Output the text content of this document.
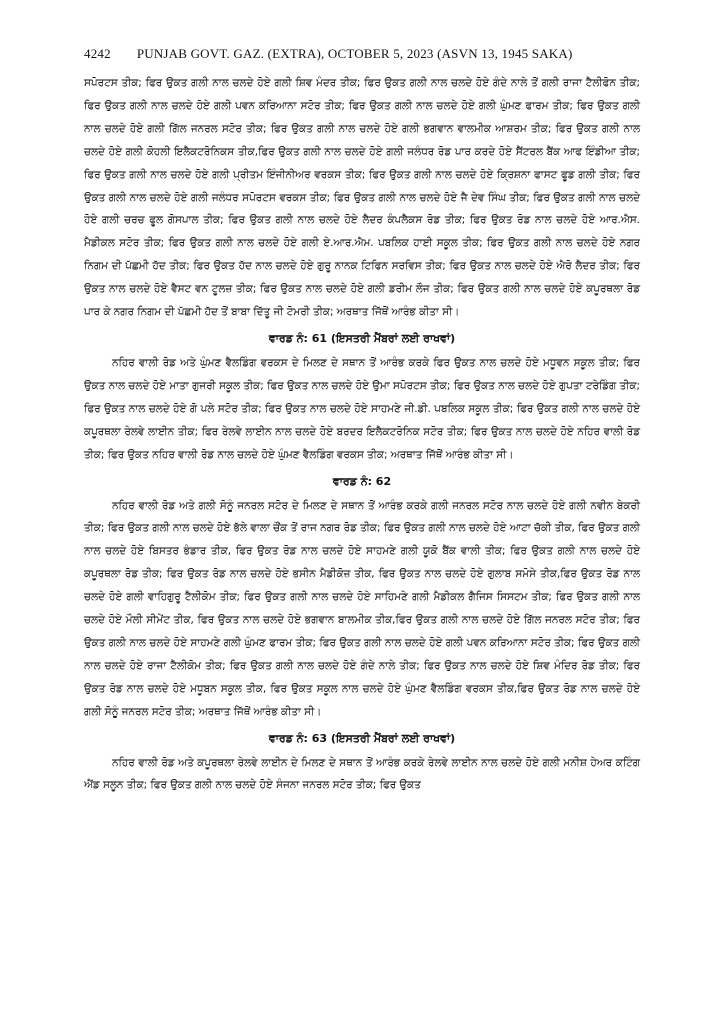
4242 PUNJAB GOVT. GAZ. (EXTRA), OCTOBER 5, 2023 (ASVN 13, 1945 SAKA)

ਸਪੋਰਟਸ ਤੀਕ; ਫਿਰ ਉਕਤ ਗਲੀ ਨਾਲ ਚਲਦੇ ਹੋਏ ਗਲੀ ਸ਼ਿਵ ਮੰਦਰ ਤੀਕ; ਫਿਰ ਉਕਤ ਗਲੀ ਨਾਲ ਚਲਦੇ ਹੋਏ ਗੰਦੇ ਨਾਲੇ ਤੋਂ ਗਲੀ ਰਾਜਾ ਟੈਲੀਫੋਨ ਤੀਕ; ਫਿਰ ਉਕਤ ਗਲੀ ਨਾਲ ਚਲਦੇ ਹੋਏ ਗਲੀ ਪਵਨ ਕਰਿਆਨਾ ਸਟੋਰ ਤੀਕ; ਫਿਰ ਉਕਤ ਗਲੀ ਨਾਲ ਚਲਦੇ ਹੋਏ ਗਲੀ ਘੁੰਮਣ ਫਾਰਮ ਤੀਕ; ਫਿਰ ਉਕਤ ਗਲੀ ਨਾਲ ਚਲਦੇ ਹੋਏ ਗਲੀ ਗਿੱਲ ਜਨਰਲ ਸਟੋਰ ਤੀਕ; ਫਿਰ ਉਕਤ ਗਲੀ ਨਾਲ ਚਲਦੇ ਹੋਏ ਗਲੀ ਭਗਵਾਨ ਵਾਲਮੀਕ ਆਸ਼ਰਮ ਤੀਕ; ਫਿਰ ਉਕਤ ਗਲੀ ਨਾਲ ਚਲਦੇ ਹੋਏ ਗਲੀ ਕੋਹਲੀ ਇਲੈਕਟਰੋਨਿਕਸ ਤੀਕ,ਫਿਰ ਉਕਤ ਗਲੀ ਨਾਲ ਚਲਦੇ ਹੋਏ ਗਲੀ ਜਲੰਧਰ ਰੋਡ ਪਾਰ ਕਰਦੇ ਹੋਏ ਸੈਂਟਰਲ ਬੈਂਕ ਆਫ ਇੰਡੀਆ ਤੀਕ; ਫਿਰ ਉਕਤ ਗਲੀ ਨਾਲ ਚਲਦੇ ਹੋਏ ਗਲੀ ਪ੍ਰੀਤਮ ਇੰਜੀਨੀਅਰ ਵਰਕਸ ਤੀਕ; ਫਿਰ ਉਕਤ ਗਲੀ ਨਾਲ ਚਲਦੇ ਹੋਏ ਕ੍ਰਿਸ਼ਨਾ ਫਾਸਟ ਫੂਡ ਗਲੀ ਤੀਕ; ਫਿਰ ਉਕਤ ਗਲੀ ਨਾਲ ਚਲਦੇ ਹੋਏ ਗਲੀ ਜਲੰਧਰ ਸਪੋਰਟਸ ਵਰਕਸ ਤੀਕ; ਫਿਰ ਉਕਤ ਗਲੀ ਨਾਲ ਚਲਦੇ ਹੋਏ ਜੈ ਦੇਵ ਸਿੰਘ ਤੀਕ; ਫਿਰ ਉਕਤ ਗਲੀ ਨਾਲ ਚਲਦੇ ਹੋਏ ਗਲੀ ਚਰਚ ਫੂਲ ਗੋਸਪਾਲ ਤੀਕ; ਫਿਰ ਉਕਤ ਗਲੀ ਨਾਲ ਚਲਦੇ ਹੋਏ ਲੈਦਰ ਕੰਪਲੈਕਸ ਰੋਡ ਤੀਕ; ਫਿਰ ਉਕਤ ਰੋਡ ਨਾਲ ਚਲਦੇ ਹੋਏ ਆਰ.ਐਸ. ਮੈਡੀਕਲ ਸਟੋਰ ਤੀਕ; ਫਿਰ ਉਕਤ ਗਲੀ ਨਾਲ ਚਲਦੇ ਹੋਏ ਗਲੀ ਏ.ਆਰ.ਐਮ. ਪਬਲਿਕ ਹਾਈ ਸਕੂਲ ਤੀਕ; ਫਿਰ ਉਕਤ ਗਲੀ ਨਾਲ ਚਲਦੇ ਹੋਏ ਨਗਰ ਨਿਗਮ ਦੀ ਪੱਛਮੀ ਹੱਦ ਤੀਕ; ਫਿਰ ਉਕਤ ਹੱਦ ਨਾਲ ਚਲਦੇ ਹੋਏ ਗੁਰੂ ਨਾਨਕ ਟਿਫਿਨ ਸਰਵਿਸ ਤੀਕ; ਫਿਰ ਉਕਤ ਨਾਲ ਚਲਦੇ ਹੋਏ ਐਰੋ ਲੈਦਰ ਤੀਕ; ਫਿਰ ਉਕਤ ਨਾਲ ਚਲਦੇ ਹੋਏ ਵੈਸਟ ਵਨ ਟੂਲਜ਼ ਤੀਕ; ਫਿਰ ਉਕਤ ਨਾਲ ਚਲਦੇ ਹੋਏ ਗਲੀ ਡਰੀਮ ਲੌਜ ਤੀਕ; ਫਿਰ ਉਕਤ ਗਲੀ ਨਾਲ ਚਲਦੇ ਹੋਏ ਕਪੂਰਥਲਾ ਰੋਡ ਪਾਰ ਕੇ ਨਗਰ ਨਿਗਮ ਦੀ ਪੱਛਮੀ ਹੱਦ ਤੋਂ ਬਾਬਾ ਦਿੱਤੂ ਜੀ ਟੋਮਰੀ ਤੀਕ; ਅਰਥਾਤ ਜਿੱਥੋਂ ਆਰੰਭ ਕੀਤਾ ਸੀ।

ਵਾਰਡ ਨੰ: 61 (ਇਸਤਰੀ ਮੈਂਬਰਾਂ ਲਈ ਰਾਖਵਾਂ)

ਨਹਿਰ ਵਾਲੀ ਰੋਡ ਅਤੇ ਘੁੰਮਣ ਵੈਲਡਿੰਗ ਵਰਕਸ ਦੇ ਮਿਲਣ ਦੇ ਸਥਾਨ ਤੋਂ ਆਰੰਭ ਕਰਕੇ ਫਿਰ ਉਕਤ ਨਾਲ ਚਲਦੇ ਹੋਏ ਮਧੂਵਨ ਸਕੂਲ ਤੀਕ; ਫਿਰ ਉਕਤ ਨਾਲ ਚਲਦੇ ਹੋਏ ਮਾਤਾ ਗੁਜਰੀ ਸਕੂਲ ਤੀਕ; ਫਿਰ ਉਕਤ ਨਾਲ ਚਲਦੇ ਹੋਏ ਉਮਾ ਸਪੋਰਟਸ ਤੀਕ; ਫਿਰ ਉਕਤ ਨਾਲ ਚਲਦੇ ਹੋਏ ਗੁਪਤਾ ਟਰੇਡਿੰਗ ਤੀਕ; ਫਿਰ ਉਕਤ ਨਾਲ ਚਲਦੇ ਹੋਏ ਗੋ ਪਲੇ ਸਟੋਰ ਤੀਕ; ਫਿਰ ਉਕਤ ਨਾਲ ਚਲਦੇ ਹੋਏ ਸਾਹਮਣੇ ਜੀ.ਡੀ. ਪਬਲਿਕ ਸਕੂਲ ਤੀਕ; ਫਿਰ ਉਕਤ ਗਲੀ ਨਾਲ ਚਲਦੇ ਹੋਏ ਕਪੂਰਥਲਾ ਰੇਲਵੇ ਲਾਈਨ ਤੀਕ; ਫਿਰ ਰੇਲਵੇ ਲਾਈਨ ਨਾਲ ਚਲਦੇ ਹੋਏ ਬਰਦਰ ਇਲੈਕਟਰੋਨਿਕ ਸਟੋਰ ਤੀਕ; ਫਿਰ ਉਕਤ ਨਾਲ ਚਲਦੇ ਹੋਏ ਨਹਿਰ ਵਾਲੀ ਰੋਡ ਤੀਕ; ਫਿਰ ਉਕਤ ਨਹਿਰ ਵਾਲੀ ਰੋਡ ਨਾਲ ਚਲਦੇ ਹੋਏ ਘੁੰਮਣ ਵੈਲਡਿੰਗ ਵਰਕਸ ਤੀਕ; ਅਰਥਾਤ ਜਿੱਥੋਂ ਆਰੰਭ ਕੀਤਾ ਸੀ।

ਵਾਰਡ ਨੰ: 62

ਨਹਿਰ ਵਾਲੀ ਰੋਡ ਅਤੇ ਗਲੀ ਸੋਨੂੰ ਜਨਰਲ ਸਟੋਰ ਦੇ ਮਿਲਣ ਦੇ ਸਥਾਨ ਤੋਂ ਆਰੰਭ ਕਰਕੇ ਗਲੀ ਜਨਰਲ ਸਟੋਰ ਨਾਲ ਚਲਦੇ ਹੋਏ ਗਲੀ ਨਵੀਨ ਬੇਕਰੀ ਤੀਕ; ਫਿਰ ਉਕਤ ਗਲੀ ਨਾਲ ਚਲਦੇ ਹੋਏ ਭੱਲੇ ਵਾਲਾ ਚੌਂਕ ਤੋਂ ਰਾਜ ਨਗਰ ਰੋਡ ਤੀਕ; ਫਿਰ ਉਕਤ ਗਲੀ ਨਾਲ ਚਲਦੇ ਹੋਏ ਆਟਾ ਚੱਕੀ ਤੀਕ, ਫਿਰ ਉਕਤ ਗਲੀ ਨਾਲ ਚਲਦੇ ਹੋਏ ਬਿਸਤਰ ਭੰਡਾਰ ਤੀਕ, ਫਿਰ ਉਕਤ ਰੋਡ ਨਾਲ ਚਲਦੇ ਹੋਏ ਸਾਹਮਣੇ ਗਲੀ ਯੂਕੋ ਬੈਂਕ ਵਾਲੀ ਤੀਕ; ਫਿਰ ਉਕਤ ਗਲੀ ਨਾਲ ਚਲਦੇ ਹੋਏ ਕਪੂਰਥਲਾ ਰੋਡ ਤੀਕ; ਫਿਰ ਉਕਤ ਰੋਡ ਨਾਲ ਚਲਦੇ ਹੋਏ ਭਸੀਨ ਮੈਡੀਕੋਜ਼ ਤੀਕ, ਫਿਰ ਉਕਤ ਨਾਲ ਚਲਦੇ ਹੋਏ ਗੁਲਾਬ ਸਮੋਸੇ ਤੀਕ,ਫਿਰ ਉਕਤ ਰੋਡ ਨਾਲ ਚਲਦੇ ਹੋਏ ਗਲੀ ਵਾਹਿਗੁਰੂ ਟੈਲੀਕੋਮ ਤੀਕ; ਫਿਰ ਉਕਤ ਗਲੀ ਨਾਲ ਚਲਦੇ ਹੋਏ ਸਾਹਿਮਣੇ ਗਲੀ ਮੈਡੀਕਲ ਗੈਜਿਸ ਸਿਸਟਮ ਤੀਕ; ਫਿਰ ਉਕਤ ਗਲੀ ਨਾਲ ਚਲਦੇ ਹੋਏ ਮੌਲੀ ਸੀਮੇਂਟ ਤੀਕ, ਫਿਰ ਉਕਤ ਨਾਲ ਚਲਦੇ ਹੋਏ ਭਗਵਾਨ ਬਾਲਮੀਕ ਤੀਕ,ਫਿਰ ਉਕਤ ਗਲੀ ਨਾਲ ਚਲਦੇ ਹੋਏ ਗਿੱਲ ਜਨਰਲ ਸਟੋਰ ਤੀਕ; ਫਿਰ ਉਕਤ ਗਲੀ ਨਾਲ ਚਲਦੇ ਹੋਏ ਸਾਹਮਣੇ ਗਲੀ ਘੁੰਮਣ ਫਾਰਮ ਤੀਕ; ਫਿਰ ਉਕਤ ਗਲੀ ਨਾਲ ਚਲਦੇ ਹੋਏ ਗਲੀ ਪਵਨ ਕਰਿਆਨਾ ਸਟੋਰ ਤੀਕ; ਫਿਰ ਉਕਤ ਗਲੀ ਨਾਲ ਚਲਦੇ ਹੋਏ ਰਾਜਾ ਟੈਲੀਕੋਮ ਤੀਕ; ਫਿਰ ਉਕਤ ਗਲੀ ਨਾਲ ਚਲਦੇ ਹੋਏ ਗੰਦੇ ਨਾਲੇ ਤੀਕ; ਫਿਰ ਉਕਤ ਨਾਲ ਚਲਦੇ ਹੋਏ ਸ਼ਿਵ ਮੰਦਿਰ ਰੋਡ ਤੀਕ; ਫਿਰ ਉਕਤ ਰੋਡ ਨਾਲ ਚਲਦੇ ਹੋਏ ਮਧੂਬਨ ਸਕੂਲ ਤੀਕ, ਫਿਰ ਉਕਤ ਸਕੂਲ ਨਾਲ ਚਲਦੇ ਹੋਏ ਘੁੰਮਣ ਵੈਲਡਿੰਗ ਵਰਕਸ ਤੀਕ,ਫਿਰ ਉਕਤ ਰੋਡ ਨਾਲ ਚਲਦੇ ਹੋਏ ਗਲੀ ਸੋਨੂੰ ਜਨਰਲ ਸਟੋਰ ਤੀਕ; ਅਰਥਾਤ ਜਿੱਥੋਂ ਆਰੰਭ ਕੀਤਾ ਸੀ।

ਵਾਰਡ ਨੰ: 63 (ਇਸਤਰੀ ਮੈਂਬਰਾਂ ਲਈ ਰਾਖਵਾਂ)

ਨਹਿਰ ਵਾਲੀ ਰੋਡ ਅਤੇ ਕਪੂਰਥਲਾ ਰੇਲਵੇ ਲਾਈਨ ਦੇ ਮਿਲਣ ਦੇ ਸਥਾਨ ਤੋਂ ਆਰੰਭ ਕਰਕੇ ਰੇਲਵੇ ਲਾਈਨ ਨਾਲ ਚਲਦੇ ਹੋਏ ਗਲੀ ਮਨੀਸ਼ ਹੇਅਰ ਕਟਿੰਗ ਐਂਡ ਸਲੂਨ ਤੀਕ; ਫਿਰ ਉਕਤ ਗਲੀ ਨਾਲ ਚਲਦੇ ਹੋਏ ਸੰਜਨਾ ਜਨਰਲ ਸਟੋਰ ਤੀਕ; ਫਿਰ ਉਕਤ
